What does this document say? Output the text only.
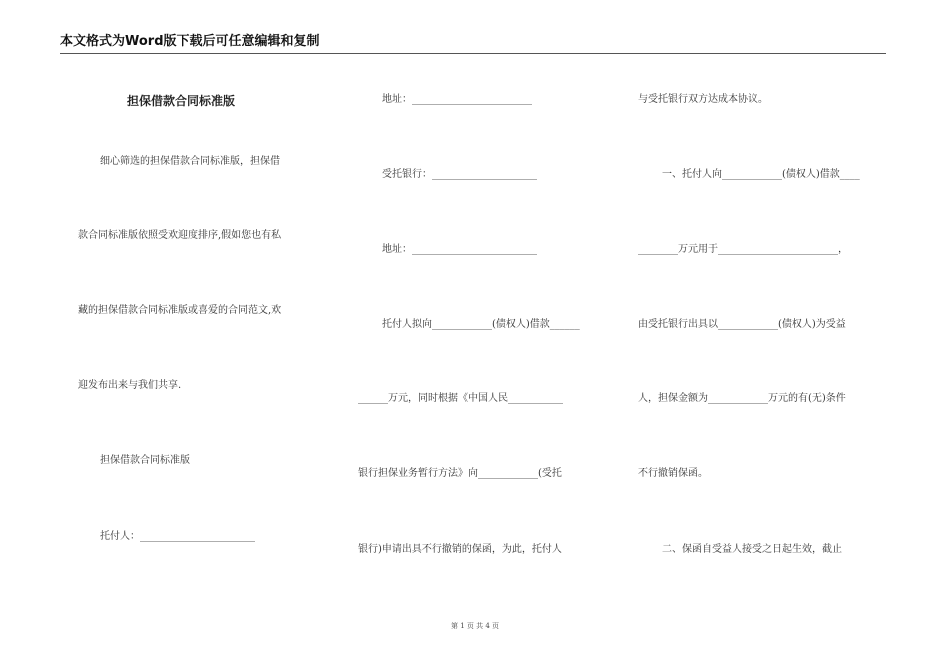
本文格式为Word版下载后可任意编辑和复制
担保借款合同标准版
细心筛选的担保借款合同标准版，担保借
款合同标准版依照受欢迎度排序,假如您也有私
藏的担保借款合同标准版或喜爱的合同范文,欢
迎发布出来与我们共享.
担保借款合同标准版
托付人：_______________________
地址：________________________
受托银行：_____________________
地址：_________________________
托付人拟向____________(债权人)借款______
______万元，同时根据《中国人民___________
银行担保业务暂行方法》向____________(受托
银行)申请出具不行撤销的保函，为此，托付人
与受托银行双方达成本协议。
一、托付人向____________(债权人)借款____
________万元用于________________________，
由受托银行出具以____________(债权人)为受益
人，担保金额为____________万元的有(无)条件
不行撤销保函。
二、保函自受益人接受之日起生效，截止
第 1 页 共 4 页
